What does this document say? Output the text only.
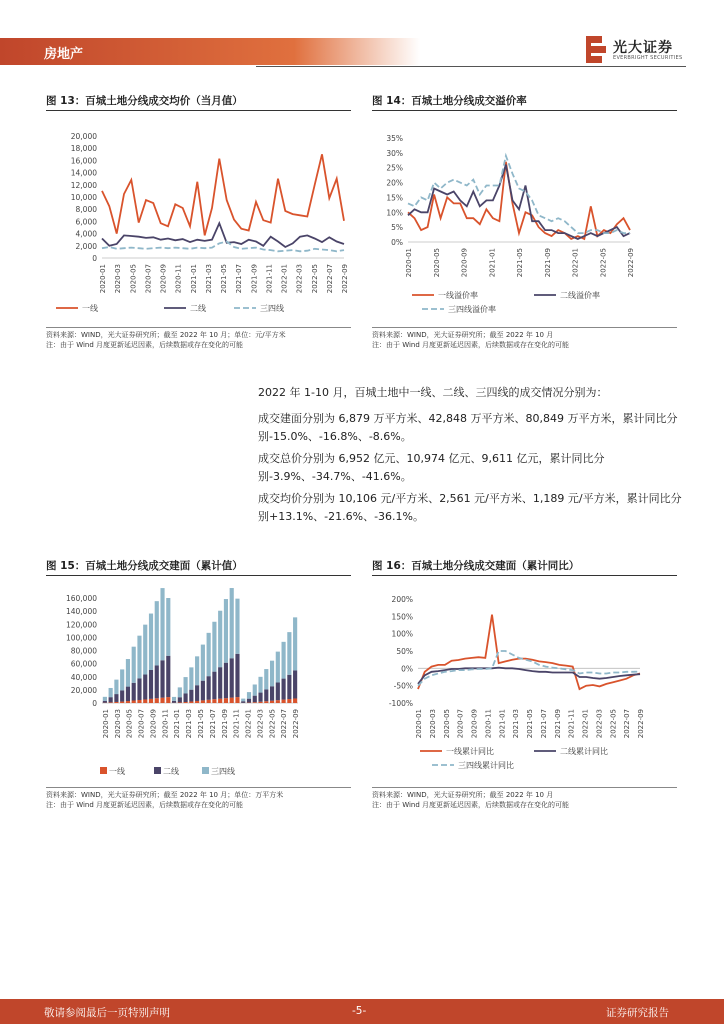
房地产	光大证券
EVERBRIGHT SECURITIES
图 13：百城土地分线成交均价（当月值）
0
2,000
4,000
6,000
8,000
10,000
12,000
14,000
16,000
18,000
20,000
2020-01 2020-03 2020-05 2020-07 2020-09 2020-11 2021-01 2021-03 2021-05 2021-07 2021-09 2021-11 2022-01 2022-03 2022-05 2022-07 2022-09
一线	二线	三四线
资料来源：WIND，光大证券研究所；截至 2022 年 10 月；单位：元/平方米
注：由于 Wind 月度更新延迟因素，后续数据或存在变化的可能
图 14：百城土地分线成交溢价率
0%
5%
10%
15%
20%
25%
30%
35%
2020-01	2020-05	2020-09	2021-01	2021-05	2021-09	2022-01	2022-05	2022-09
一线溢价率	二线溢价率
三四线溢价率
资料来源：WIND，光大证券研究所；截至 2022 年 10 月
注：由于 Wind 月度更新延迟因素，后续数据或存在变化的可能
2022 年 1-10 月，百城土地中一线、二线、三四线的成交情况分别为：
成交建面分别为 6,879 万平方米、42,848 万平方米、80,849 万平方米，累计同比分别-15.0%、-16.8%、-8.6%。
成交总价分别为 6,952 亿元、10,974 亿元、9,611 亿元，累计同比分别-3.9%、-34.7%、-41.6%。
成交均价分别为 10,106 元/平方米、2,561 元/平方米、1,189 元/平方米，累计同比分别+13.1%、-21.6%、-36.1%。
图 15：百城土地分线成交建面（累计值）
0
20,000
40,000
60,000
80,000
100,000
120,000
140,000
160,000
2020-01 2020-03 2020-05 2020-07 2020-09 2020-11 2021-01 2021-03 2021-05 2021-07 2021-09 2021-11 2022-01 2022-03 2022-05 2022-07 2022-09
一线	二线	三四线
资料来源：WIND，光大证券研究所；截至 2022 年 10 月；单位：万平方米
注：由于 Wind 月度更新延迟因素，后续数据或存在变化的可能
图 16：百城土地分线成交建面（累计同比）
-100%
-50%
0%
50%
100%
150%
200%
2020-01 2020-03 2020-05 2020-07 2020-09 2020-11 2021-01 2021-03 2021-05 2021-07 2021-09 2021-11 2022-01 2022-03 2022-05 2022-07 2022-09
一线累计同比	二线累计同比
三四线累计同比
资料来源：WIND，光大证券研究所；截至 2022 年 10 月
注：由于 Wind 月度更新延迟因素，后续数据或存在变化的可能
敬请参阅最后一页特别声明	-5-	证券研究报告
